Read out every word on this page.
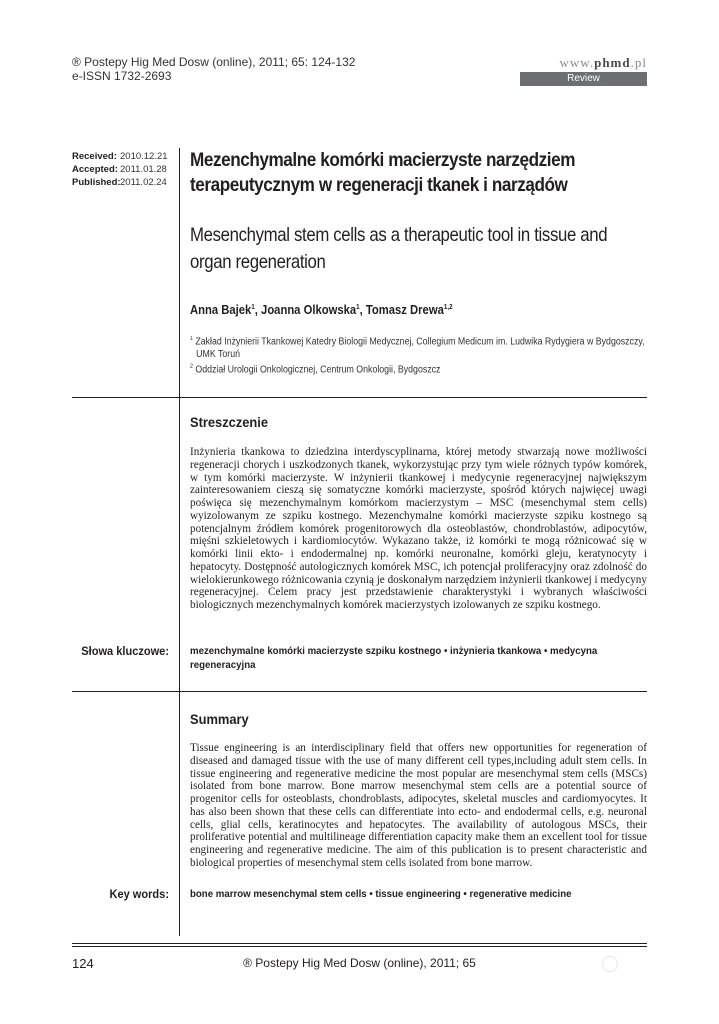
® Postepy Hig Med Dosw (online), 2011; 65: 124-132
e-ISSN 1732-2693
www.phmd.pl
Review
Received: 2010.12.21
Accepted: 2011.01.28
Published: 2011.02.24
Mezenchymalne komórki macierzyste narzędziem terapeutycznym w regeneracji tkanek i narządów
Mesenchymal stem cells as a therapeutic tool in tissue and organ regeneration
Anna Bajek$^1$, Joanna Olkowska$^1$, Tomasz Drewa$^{1,2}$
$^1$ Zakład Inżynierii Tkankowej Katedry Biologii Medycznej, Collegium Medicum im. Ludwika Rydygiera w Bydgoszczy,
UMK Toruń
$^2$ Oddział Urologii Onkologicznej, Centrum Onkologii, Bydgoszcz
Streszczenie
Inżynieria tkankowa to dziedzina interdyscyplinarna, której metody stwarzają nowe możliwości regeneracji chorych i uszkodzonych tkanek, wykorzystując przy tym wiele różnych typów komórek, w tym komórki macierzyste. W inżynierii tkankowej i medycynie regeneracyjnej największym zainteresowaniem cieszą się somatyczne komórki macierzyste, spośród których najwięcej uwagi poświęca się mezenchymalnym komórkom macierzystym – MSC (mesenchymal stem cells) wyizolowanym ze szpiku kostnego. Mezenchymalne komórki macierzyste szpiku kostnego są potencjalnym źródłem komórek progenitorowych dla osteoblastów, chondroblastów, adipocytów, mięśni szkieletowych i kardiomiocytów. Wykazano także, iż komórki te mogą różnicować się w komórki linii ekto- i endodermalnej np. komórki neuronalne, komórki gleju, keratynocyty i hepatocyty. Dostępność autologicznych komórek MSC, ich potencjał proliferacyjny oraz zdolność do wielokierunkowego różnicowania czynią je doskonałym narzędziem inżynierii tkankowej i medycyny regeneracyjnej. Celem pracy jest przedstawienie charakterystyki i wybranych właściwości biologicznych mezenchymalnych komórek macierzystych izolowanych ze szpiku kostnego.
Słowa kluczowe: mezenchymalne komórki macierzyste szpiku kostnego • inżynieria tkankowa • medycyna regeneracyjna
Summary
Tissue engineering is an interdisciplinary field that offers new opportunities for regeneration of diseased and damaged tissue with the use of many different cell types,including adult stem cells. In tissue engineering and regenerative medicine the most popular are mesenchymal stem cells (MSCs) isolated from bone marrow. Bone marrow mesenchymal stem cells are a potential source of progenitor cells for osteoblasts, chondroblasts, adipocytes, skeletal muscles and cardiomyocytes. It has also been shown that these cells can differentiate into ecto- and endodermal cells, e.g. neuronal cells, glial cells, keratinocytes and hepatocytes. The availability of autologous MSCs, their proliferative potential and multilineage differentiation capacity make them an excellent tool for tissue engineering and regenerative medicine. The aim of this publication is to present characteristic and biological properties of mesenchymal stem cells isolated from bone marrow.
Key words: bone marrow mesenchymal stem cells • tissue engineering • regenerative medicine
124	® Postepy Hig Med Dosw (online), 2011; 65
